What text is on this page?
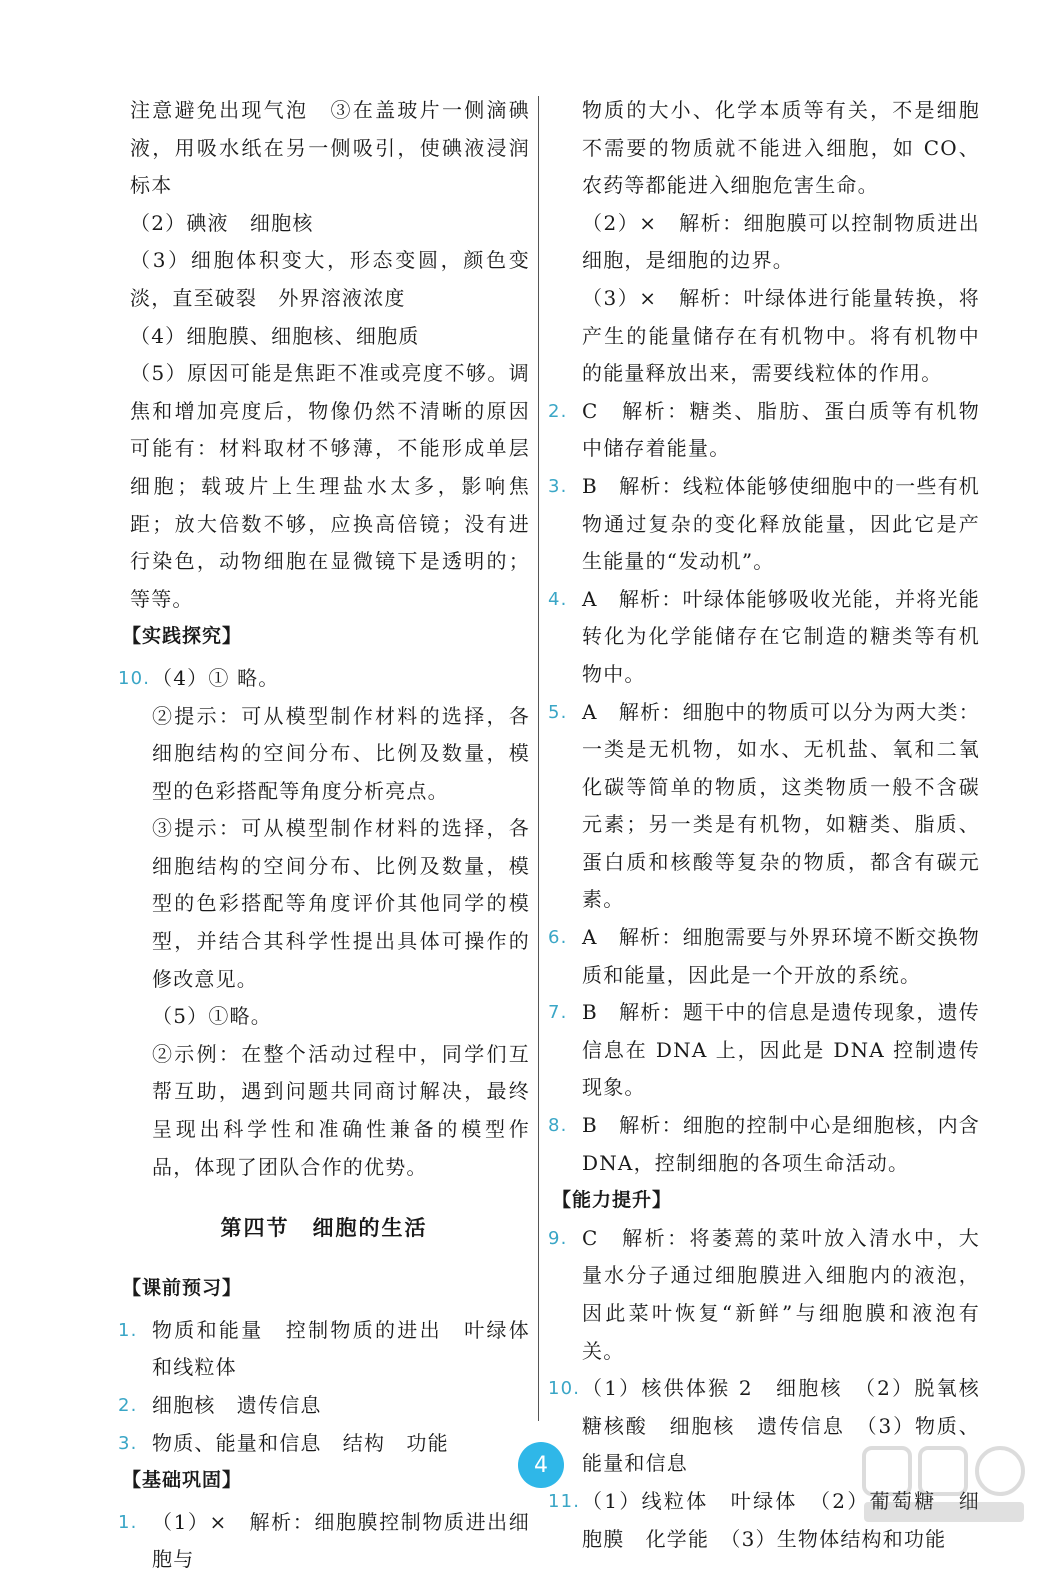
注意避免出现气泡　③在盖玻片一侧滴碘液，用吸水纸在另一侧吸引，使碘液浸润标本
（2）碘液　细胞核
（3）细胞体积变大，形态变圆，颜色变淡，直至破裂　外界溶液浓度
（4）细胞膜、细胞核、细胞质
（5）原因可能是焦距不准或亮度不够。调焦和增加亮度后，物像仍然不清晰的原因可能有：材料取材不够薄，不能形成单层细胞；载玻片上生理盐水太多，影响焦距；放大倍数不够，应换高倍镜；没有进行染色，动物细胞在显微镜下是透明的；等等。
【实践探究】
10. （4）① 略。
②提示：可从模型制作材料的选择，各细胞结构的空间分布、比例及数量，模型的色彩搭配等角度分析亮点。
③提示：可从模型制作材料的选择，各细胞结构的空间分布、比例及数量，模型的色彩搭配等角度评价其他同学的模型，并结合其科学性提出具体可操作的修改意见。
（5）①略。
②示例：在整个活动过程中，同学们互帮互助，遇到问题共同商讨解决，最终呈现出科学性和准确性兼备的模型作品，体现了团队合作的优势。
第四节　细胞的生活
【课前预习】
1. 物质和能量　控制物质的进出　叶绿体和线粒体
2. 细胞核　遗传信息
3. 物质、能量和信息　结构　功能
【基础巩固】
1. （1）×　解析：细胞膜控制物质进出细胞与
物质的大小、化学本质等有关，不是细胞不需要的物质就不能进入细胞，如 CO、农药等都能进入细胞危害生命。
（2）×　解析：细胞膜可以控制物质进出细胞，是细胞的边界。
（3）×　解析：叶绿体进行能量转换，将产生的能量储存在有机物中。将有机物中的能量释放出来，需要线粒体的作用。
2. C　解析：糖类、脂肪、蛋白质等有机物中储存着能量。
3. B　解析：线粒体能够使细胞中的一些有机物通过复杂的变化释放能量，因此它是产生能量的“发动机”。
4. A　解析：叶绿体能够吸收光能，并将光能转化为化学能储存在它制造的糖类等有机物中。
5. A　解析：细胞中的物质可以分为两大类：一类是无机物，如水、无机盐、氧和二氧化碳等简单的物质，这类物质一般不含碳元素；另一类是有机物，如糖类、脂质、蛋白质和核酸等复杂的物质，都含有碳元素。
6. A　解析：细胞需要与外界环境不断交换物质和能量，因此是一个开放的系统。
7. B　解析：题干中的信息是遗传现象，遗传信息在 DNA 上，因此是 DNA 控制遗传现象。
8. B　解析：细胞的控制中心是细胞核，内含 DNA，控制细胞的各项生命活动。
【能力提升】
9. C　解析：将萎蔫的菜叶放入清水中，大量水分子通过细胞膜进入细胞内的液泡，因此菜叶恢复“新鲜”与细胞膜和液泡有关。
10. （1）核供体猴 2　细胞核　（2）脱氧核糖核酸　细胞核　遗传信息　（3）物质、能量和信息
11. （1）线粒体　叶绿体　（2）葡萄糖　细胞膜　化学能　（3）生物体结构和功能
4
